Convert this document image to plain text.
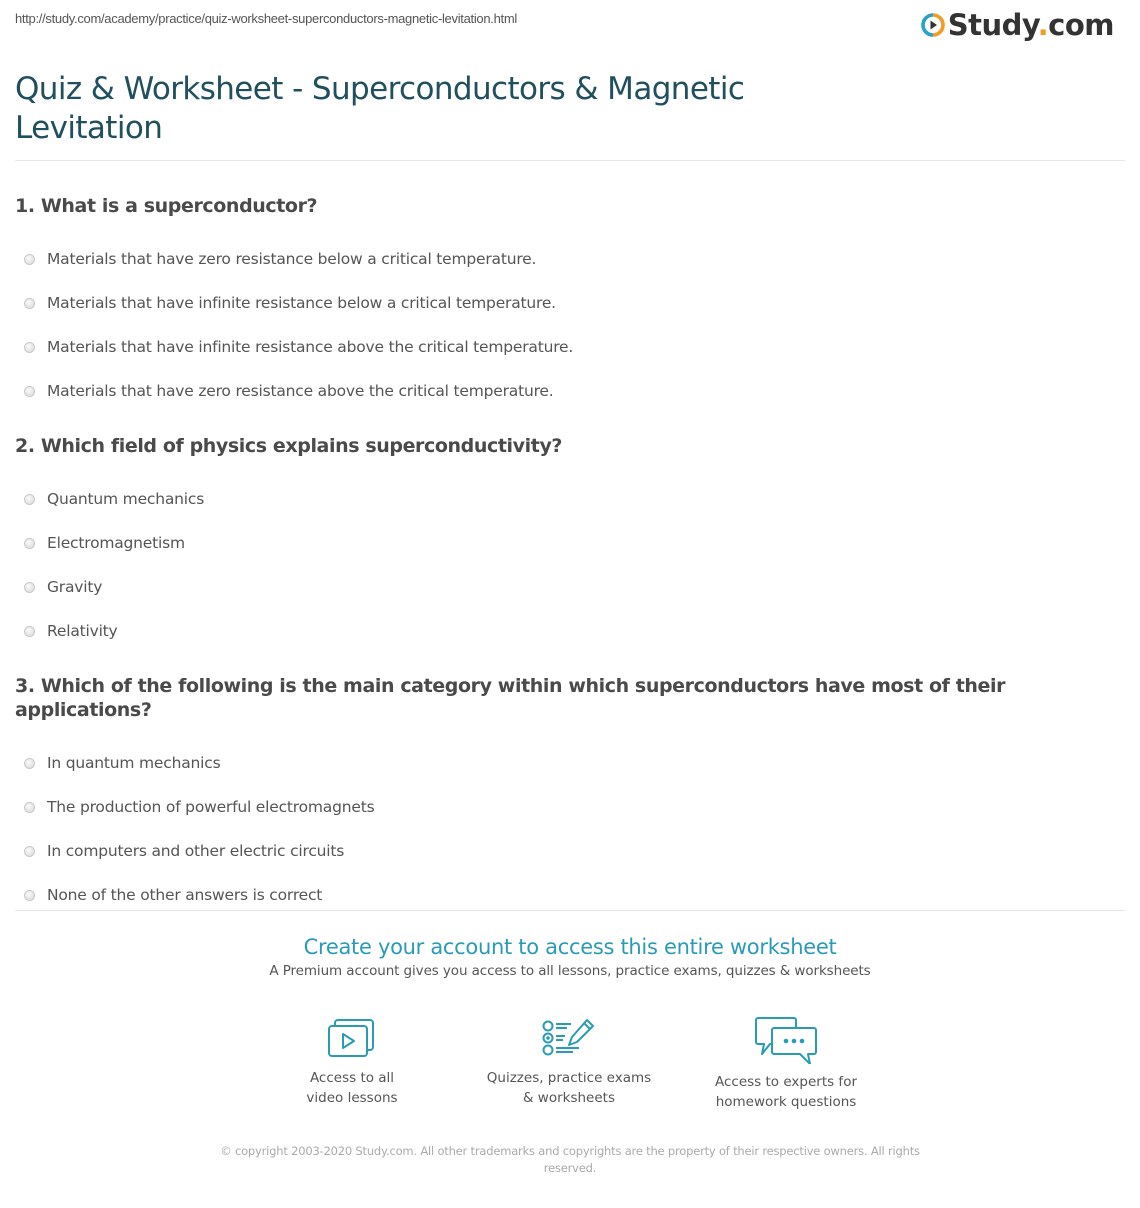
http://study.com/academy/practice/quiz-worksheet-superconductors-magnetic-levitation.html	Study.com
Quiz & Worksheet - Superconductors & Magnetic Levitation
1. What is a superconductor?
Materials that have zero resistance below a critical temperature.
Materials that have infinite resistance below a critical temperature.
Materials that have infinite resistance above the critical temperature.
Materials that have zero resistance above the critical temperature.
2. Which field of physics explains superconductivity?
Quantum mechanics
Electromagnetism
Gravity
Relativity
3. Which of the following is the main category within which superconductors have most of their applications?
In quantum mechanics
The production of powerful electromagnets
In computers and other electric circuits
None of the other answers is correct
Create your account to access this entire worksheet
A Premium account gives you access to all lessons, practice exams, quizzes & worksheets
Access to all
video lessons
Quizzes, practice exams
& worksheets
Access to experts for
homework questions
© copyright 2003-2020 Study.com. All other trademarks and copyrights are the property of their respective owners. All rights reserved.
